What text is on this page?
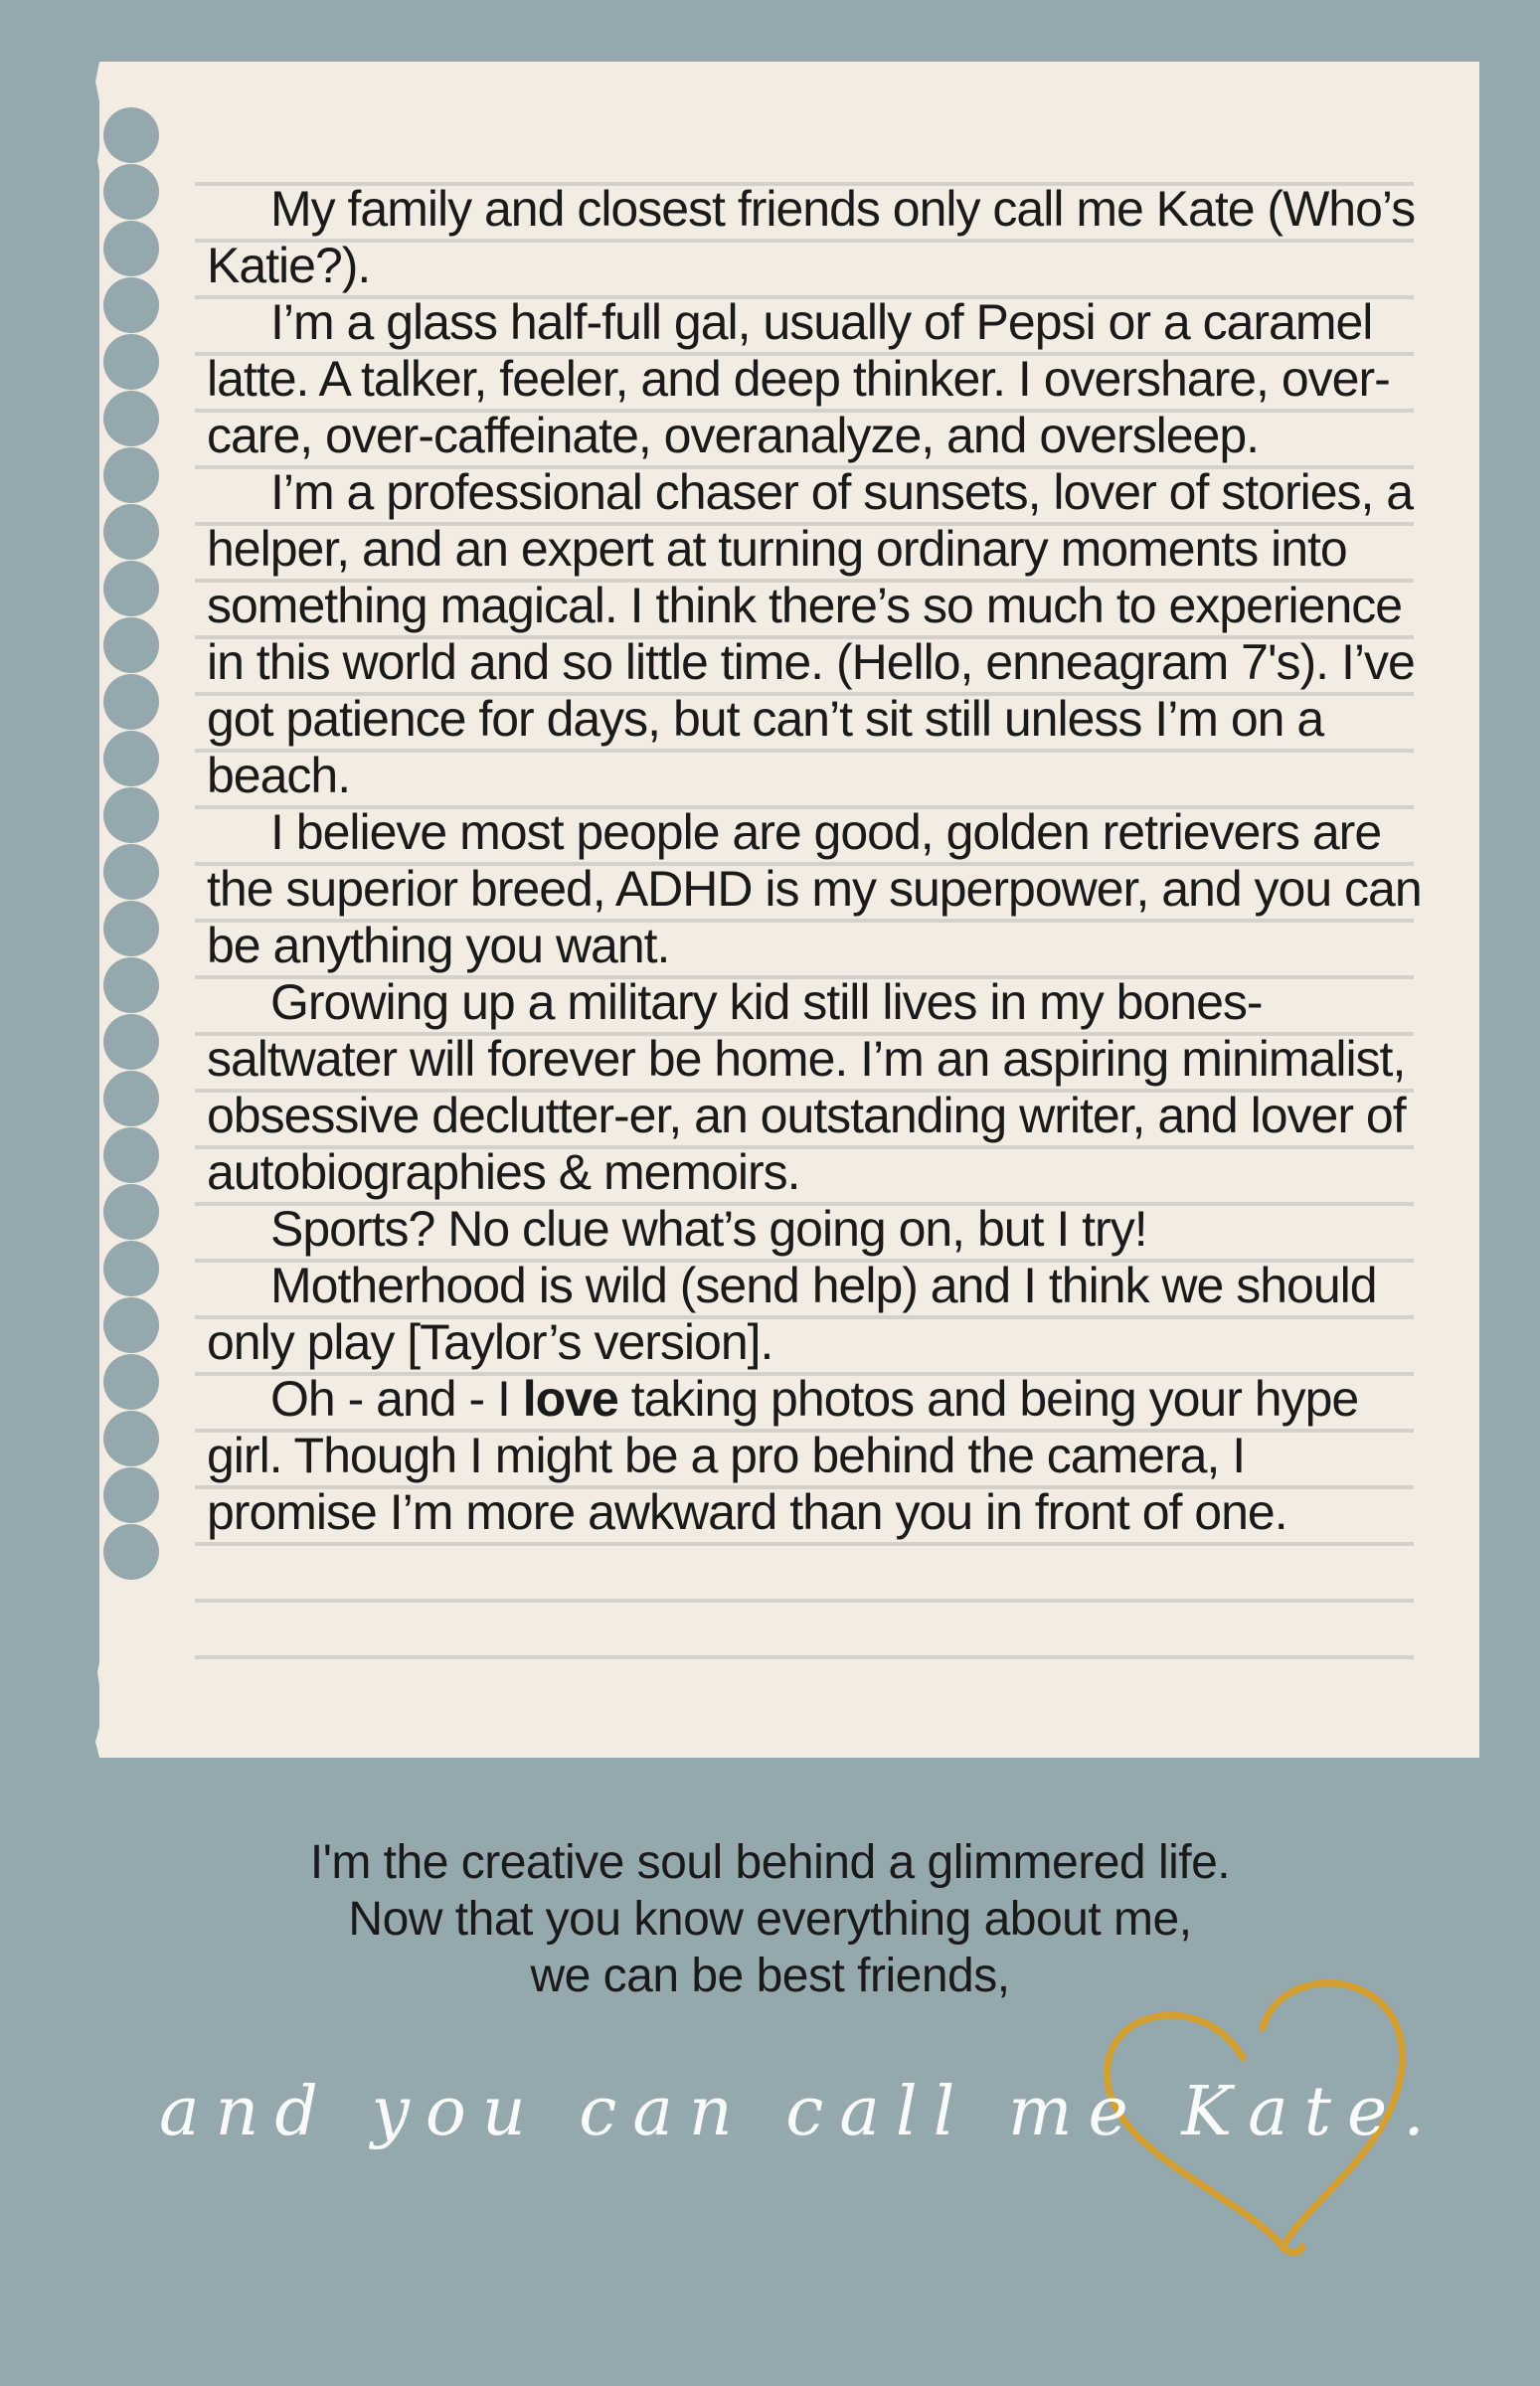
My family and closest friends only call me Kate (Who’s Katie?).

I’m a glass half-full gal, usually of Pepsi or a caramel latte. A talker, feeler, and deep thinker. I overshare, over-care, over-caffeinate, overanalyze, and oversleep.

I’m a professional chaser of sunsets, lover of stories, a helper, and an expert at turning ordinary moments into something magical. I think there’s so much to experience in this world and so little time. (Hello, enneagram 7's). I’ve got patience for days, but can’t sit still unless I’m on a beach.

I believe most people are good, golden retrievers are the superior breed, ADHD is my superpower, and you can be anything you want.

Growing up a military kid still lives in my bones- saltwater will forever be home. I’m an aspiring minimalist, obsessive declutter-er, an outstanding writer, and lover of autobiographies & memoirs.

Sports? No clue what’s going on, but I try!

Motherhood is wild (send help) and I think we should only play [Taylor’s version].

Oh - and - I love taking photos and being your hype girl. Though I might be a pro behind the camera, I promise I’m more awkward than you in front of one.

I'm the creative soul behind a glimmered life.
Now that you know everything about me,
we can be best friends,
and you can call me Kate.
